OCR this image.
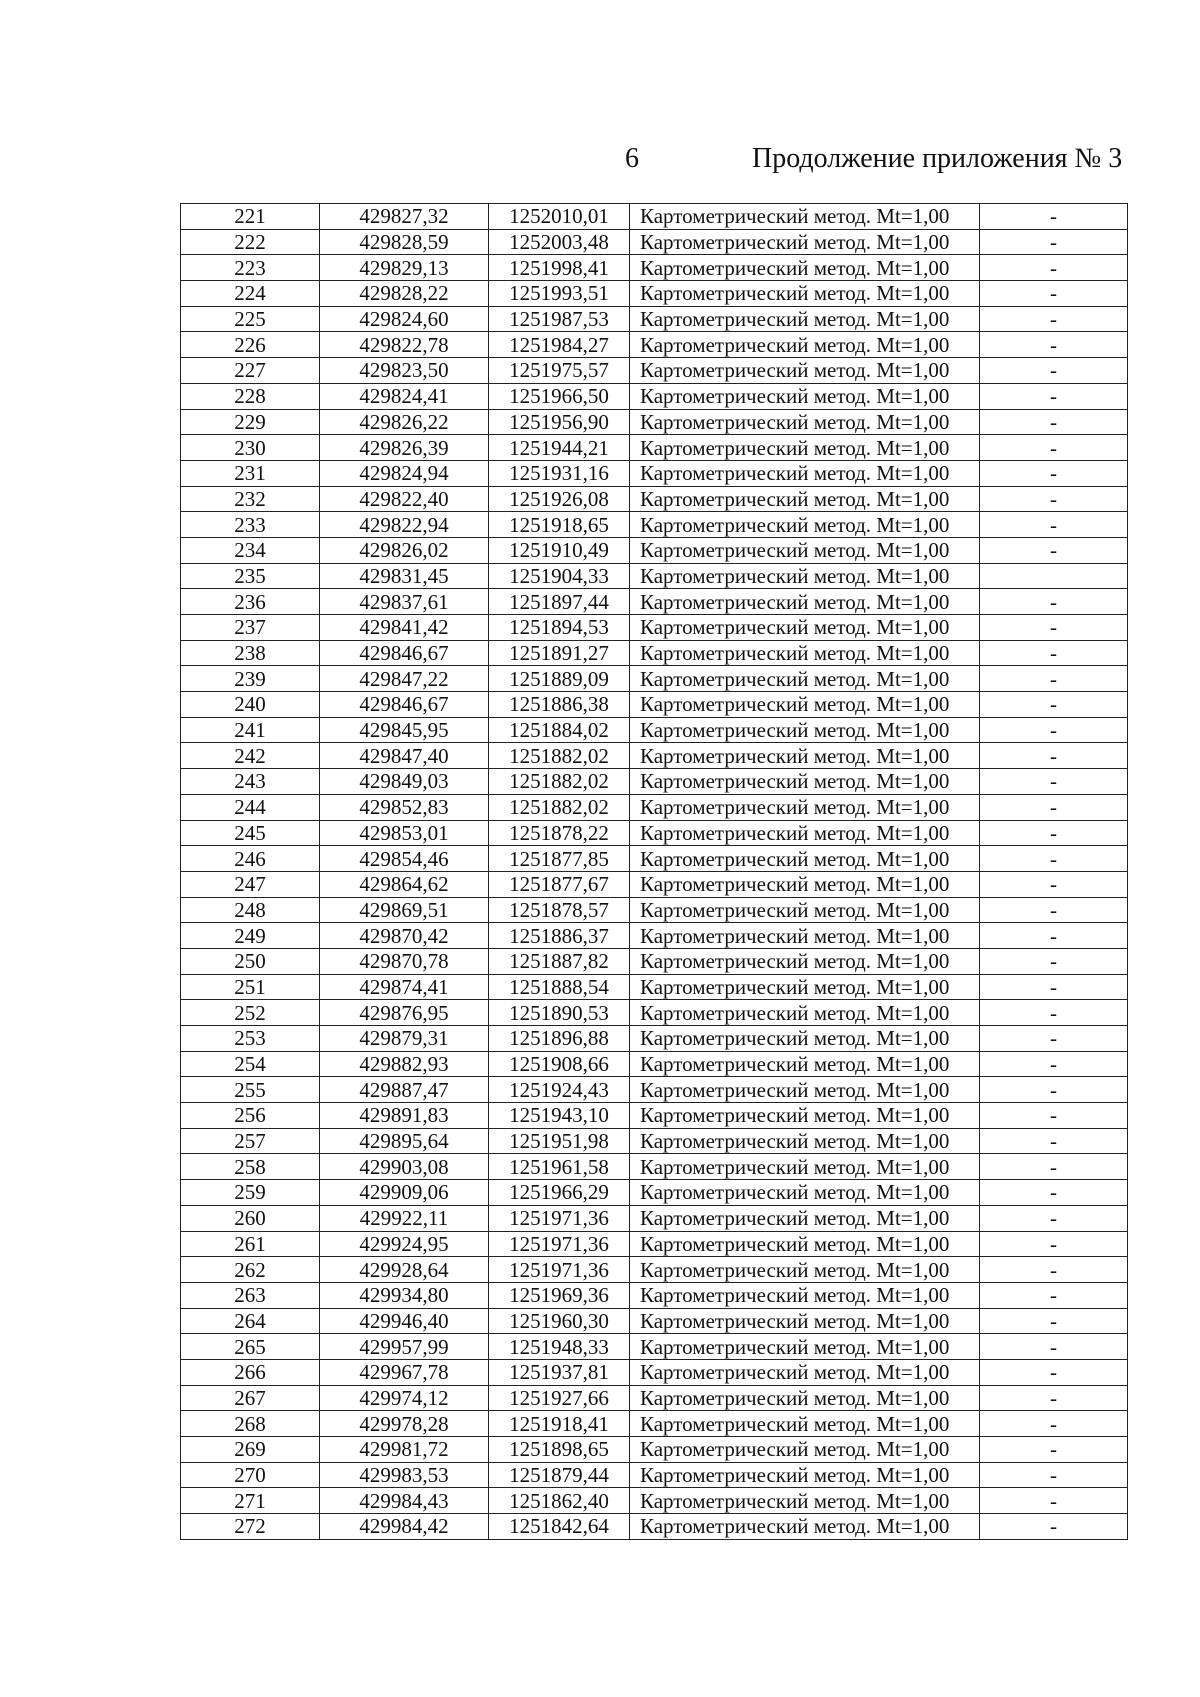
6	Продолжение приложения № 3
221	429827,32	1252010,01	Картометрический метод. Mt=1,00	-
222	429828,59	1252003,48	Картометрический метод. Mt=1,00	-
223	429829,13	1251998,41	Картометрический метод. Mt=1,00	-
224	429828,22	1251993,51	Картометрический метод. Mt=1,00	-
225	429824,60	1251987,53	Картометрический метод. Mt=1,00	-
226	429822,78	1251984,27	Картометрический метод. Mt=1,00	-
227	429823,50	1251975,57	Картометрический метод. Mt=1,00	-
228	429824,41	1251966,50	Картометрический метод. Mt=1,00	-
229	429826,22	1251956,90	Картометрический метод. Mt=1,00	-
230	429826,39	1251944,21	Картометрический метод. Mt=1,00	-
231	429824,94	1251931,16	Картометрический метод. Mt=1,00	-
232	429822,40	1251926,08	Картометрический метод. Mt=1,00	-
233	429822,94	1251918,65	Картометрический метод. Mt=1,00	-
234	429826,02	1251910,49	Картометрический метод. Mt=1,00	-
235	429831,45	1251904,33	Картометрический метод. Mt=1,00	
236	429837,61	1251897,44	Картометрический метод. Mt=1,00	-
237	429841,42	1251894,53	Картометрический метод. Mt=1,00	-
238	429846,67	1251891,27	Картометрический метод. Mt=1,00	-
239	429847,22	1251889,09	Картометрический метод. Mt=1,00	-
240	429846,67	1251886,38	Картометрический метод. Mt=1,00	-
241	429845,95	1251884,02	Картометрический метод. Mt=1,00	-
242	429847,40	1251882,02	Картометрический метод. Mt=1,00	-
243	429849,03	1251882,02	Картометрический метод. Mt=1,00	-
244	429852,83	1251882,02	Картометрический метод. Mt=1,00	-
245	429853,01	1251878,22	Картометрический метод. Mt=1,00	-
246	429854,46	1251877,85	Картометрический метод. Mt=1,00	-
247	429864,62	1251877,67	Картометрический метод. Mt=1,00	-
248	429869,51	1251878,57	Картометрический метод. Mt=1,00	-
249	429870,42	1251886,37	Картометрический метод. Mt=1,00	-
250	429870,78	1251887,82	Картометрический метод. Mt=1,00	-
251	429874,41	1251888,54	Картометрический метод. Mt=1,00	-
252	429876,95	1251890,53	Картометрический метод. Mt=1,00	-
253	429879,31	1251896,88	Картометрический метод. Mt=1,00	-
254	429882,93	1251908,66	Картометрический метод. Mt=1,00	-
255	429887,47	1251924,43	Картометрический метод. Mt=1,00	-
256	429891,83	1251943,10	Картометрический метод. Mt=1,00	-
257	429895,64	1251951,98	Картометрический метод. Mt=1,00	-
258	429903,08	1251961,58	Картометрический метод. Mt=1,00	-
259	429909,06	1251966,29	Картометрический метод. Mt=1,00	-
260	429922,11	1251971,36	Картометрический метод. Mt=1,00	-
261	429924,95	1251971,36	Картометрический метод. Mt=1,00	-
262	429928,64	1251971,36	Картометрический метод. Mt=1,00	-
263	429934,80	1251969,36	Картометрический метод. Mt=1,00	-
264	429946,40	1251960,30	Картометрический метод. Mt=1,00	-
265	429957,99	1251948,33	Картометрический метод. Mt=1,00	-
266	429967,78	1251937,81	Картометрический метод. Mt=1,00	-
267	429974,12	1251927,66	Картометрический метод. Mt=1,00	-
268	429978,28	1251918,41	Картометрический метод. Mt=1,00	-
269	429981,72	1251898,65	Картометрический метод. Mt=1,00	-
270	429983,53	1251879,44	Картометрический метод. Mt=1,00	-
271	429984,43	1251862,40	Картометрический метод. Mt=1,00	-
272	429984,42	1251842,64	Картометрический метод. Mt=1,00	-
